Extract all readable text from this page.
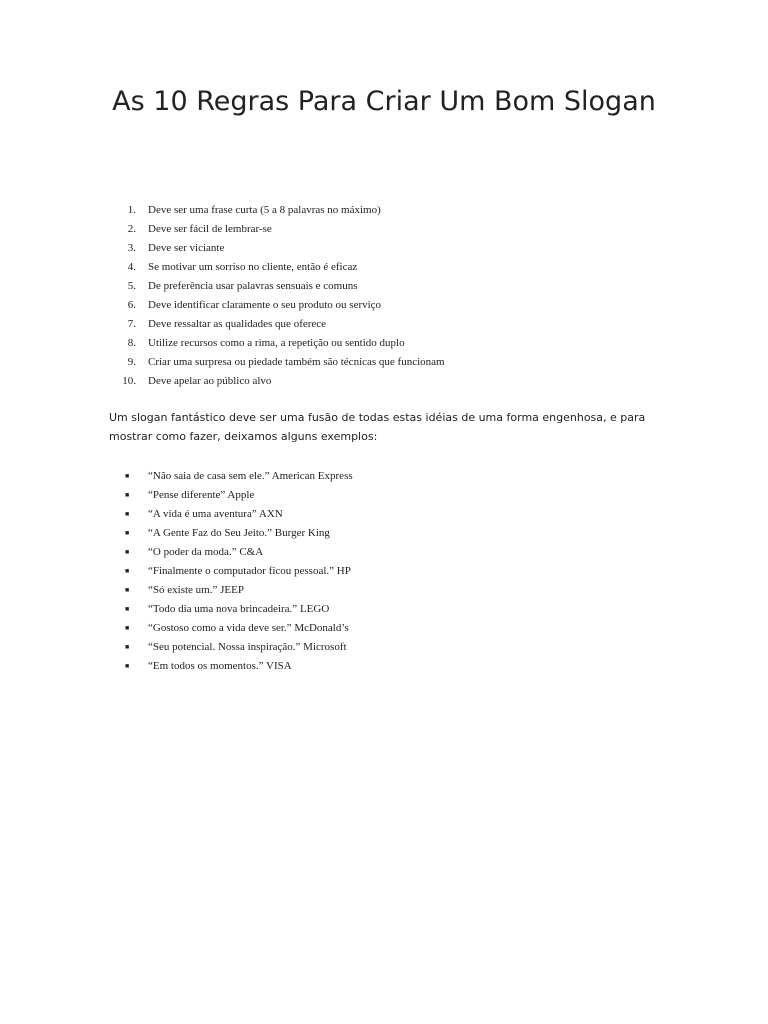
As 10 Regras Para Criar Um Bom Slogan
1. Deve ser uma frase curta (5 a 8 palavras no máximo)
2. Deve ser fácil de lembrar-se
3. Deve ser viciante
4. Se motivar um sorriso no cliente, então é eficaz
5. De preferência usar palavras sensuais e comuns
6. Deve identificar claramente o seu produto ou serviço
7. Deve ressaltar as qualidades que oferece
8. Utilize recursos como a rima, a repetição ou sentido duplo
9. Criar uma surpresa ou piedade também são técnicas que funcionam
10. Deve apelar ao público alvo

Um slogan fantástico deve ser uma fusão de todas estas idéias de uma forma engenhosa, e para mostrar como fazer, deixamos alguns exemplos:

■ “Não saia de casa sem ele.” American Express
■ “Pense diferente” Apple
■ “A vida é uma aventura” AXN
■ “A Gente Faz do Seu Jeito.” Burger King
■ “O poder da moda.” C&A
■ “Finalmente o computador ficou pessoal.” HP
■ “Só existe um.” JEEP
■ “Todo dia uma nova brincadeira.” LEGO
■ “Gostoso como a vida deve ser.” McDonald’s
■ “Seu potencial. Nossa inspiração.” Microsoft
■ “Em todos os momentos.” VISA
